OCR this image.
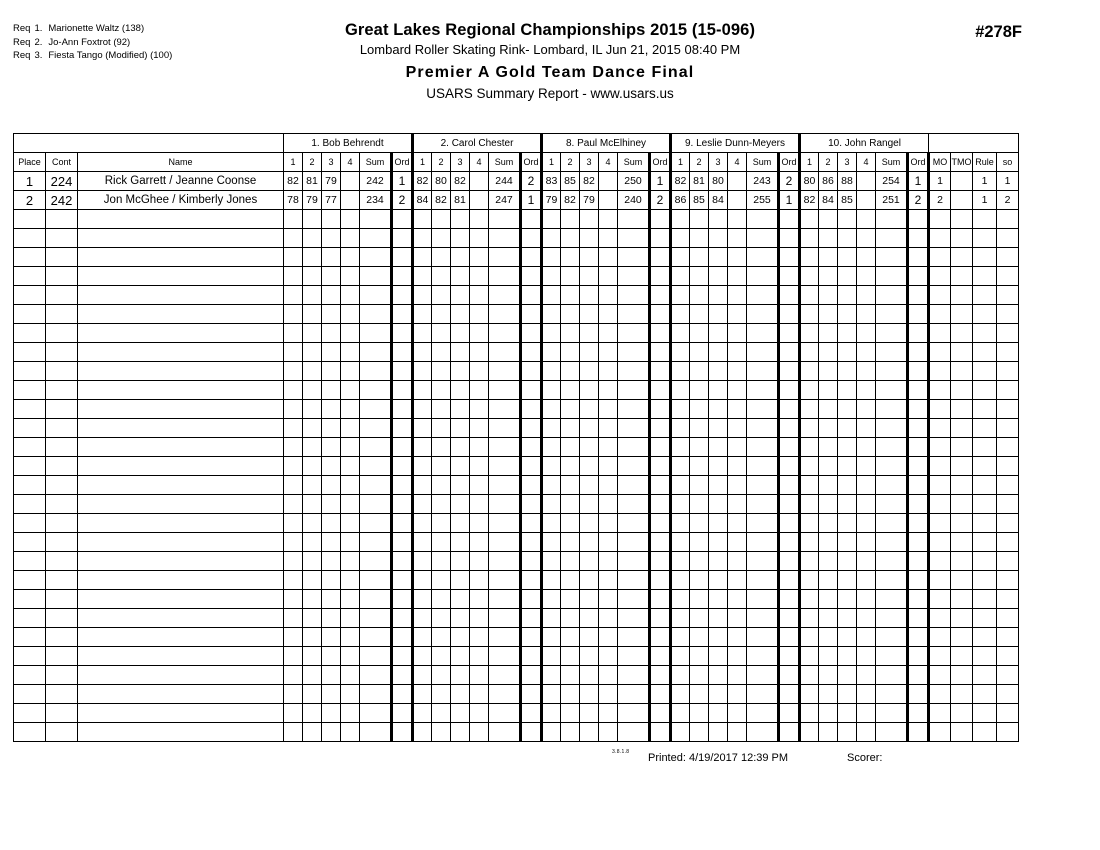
Req 1. Marionette Waltz (138)
Req 2. Jo-Ann Foxtrot (92)
Req 3. Fiesta Tango (Modified) (100)
Great Lakes Regional Championships 2015 (15-096)
Lombard Roller Skating Rink- Lombard, IL Jun 21, 2015 08:40 PM
Premier A Gold Team Dance Final
USARS Summary Report - www.usars.us
#278F
			1. Bob Behrendt						2. Carol Chester						8. Paul McElhiney						9. Leslie Dunn-Meyers						10. John Rangel									
Place	Cont	Name	1	2	3	4	Sum	Ord	1	2	3	4	Sum	Ord	1	2	3	4	Sum	Ord	1	2	3	4	Sum	Ord	1	2	3	4	Sum	Ord	MO	TMO	Rule	so
1	224	Rick Garrett / Jeanne Coonse	82	81	79		242	1	82	80	82		244	2	83	85	82		250	1	82	81	80		243	2	80	86	88		254	1	1		1	1
2	242	Jon McGhee / Kimberly Jones	78	79	77		234	2	84	82	81		247	1	79	82	79		240	2	86	85	84		255	1	82	84	85		251	2	2		1	2

3.8.1.8 Printed: 4/19/2017 12:39 PM	Scorer:
